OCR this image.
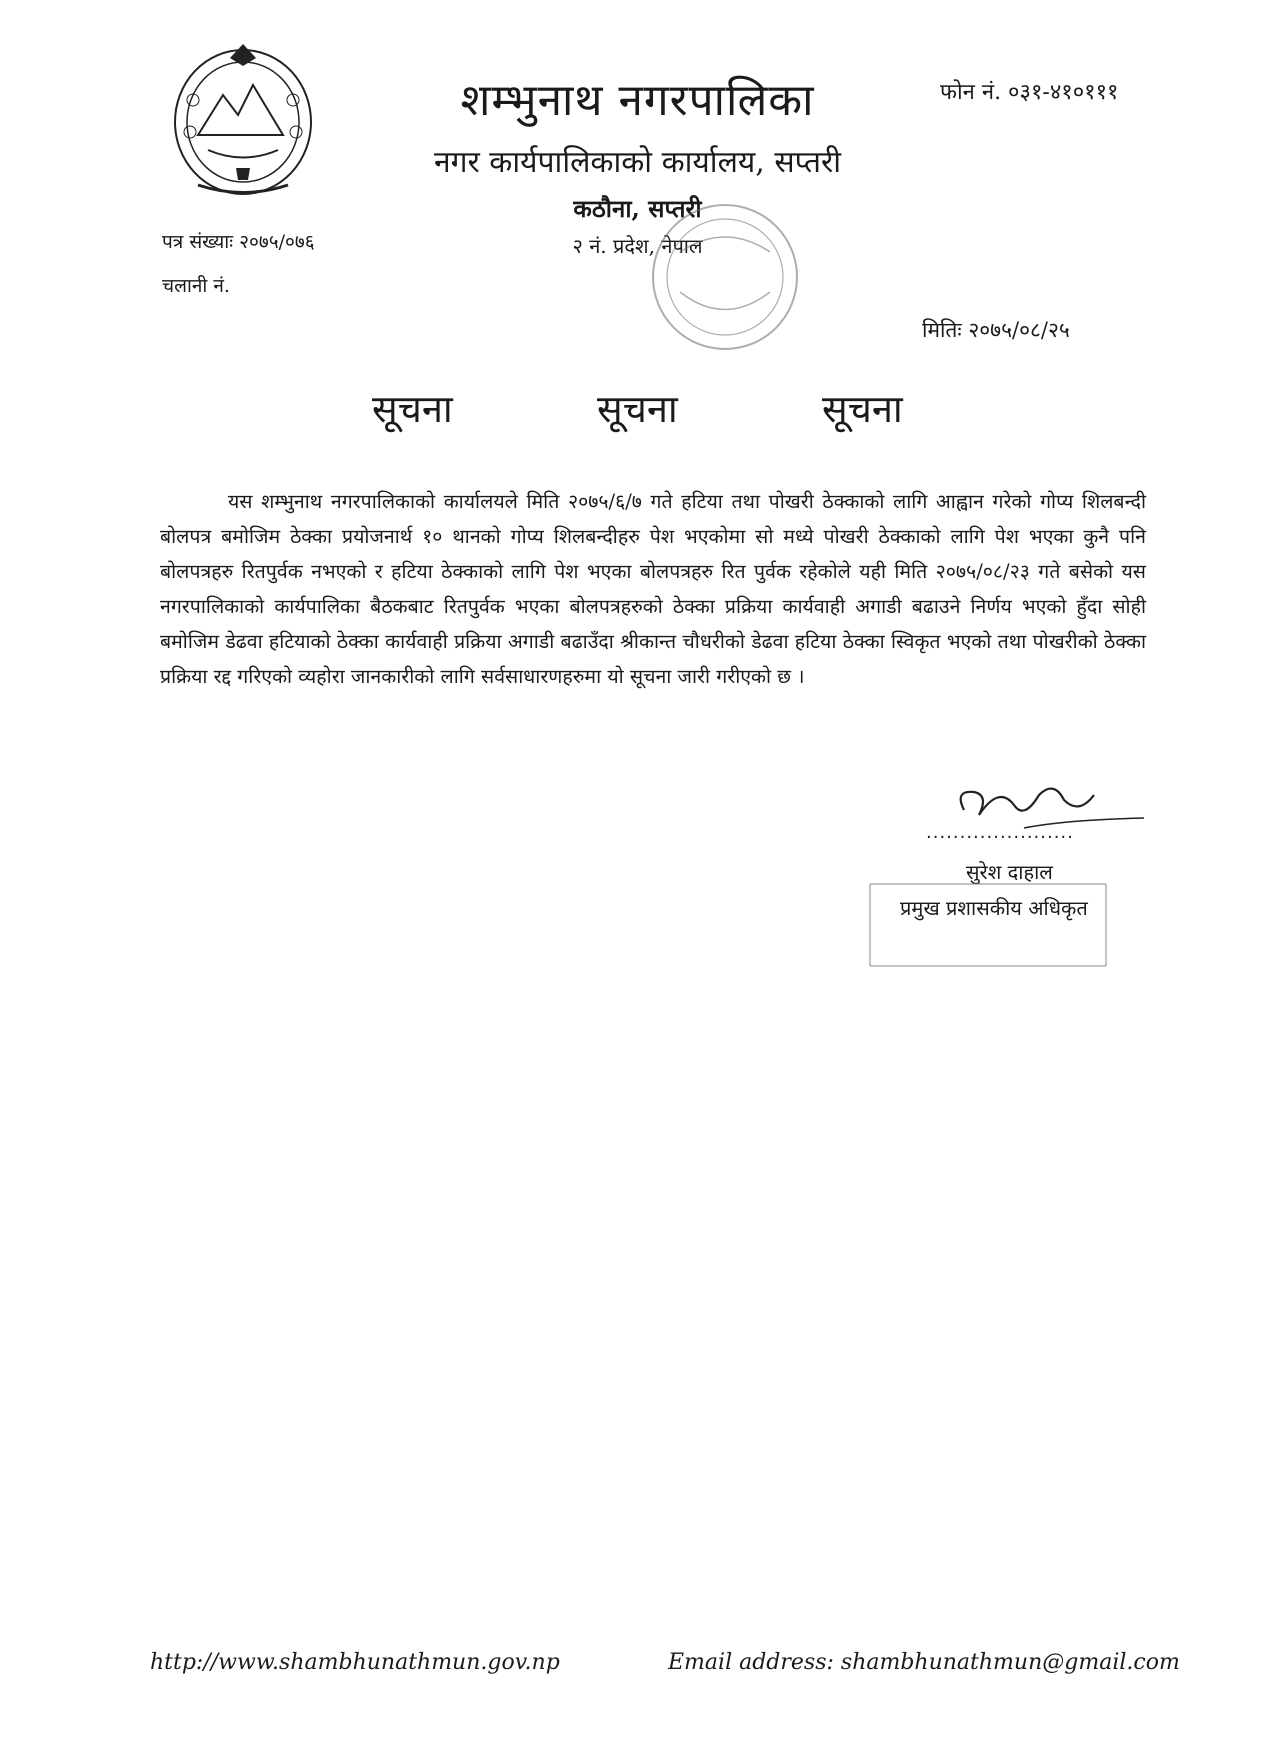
शम्भुनाथ नगरपालिका	फोन नं. ०३१-४१०१११
नगर कार्यपालिकाको कार्यालय, सप्तरी
कठौना, सप्तरी
२ नं. प्रदेश, नेपाल
पत्र संख्याः २०७५/०७६
चलानी नं.
मितिः २०७५/०८/२५
सूचना	सूचना	सूचना
यस शम्भुनाथ नगरपालिकाको कार्यालयले मिति २०७५/६/७ गते हटिया तथा पोखरी ठेक्काको लागि आह्वान गरेको गोप्य शिलबन्दी बोलपत्र बमोजिम ठेक्का प्रयोजनार्थ १० थानको गोप्य शिलबन्दीहरु पेश भएकोमा सो मध्ये पोखरी ठेक्काको लागि पेश भएका कुनै पनि बोलपत्रहरु रितपुर्वक नभएको र हटिया ठेक्काको लागि पेश भएका बोलपत्रहरु रित पुर्वक रहेकोले यही मिति २०७५/०८/२३ गते बसेको यस नगरपालिकाको कार्यपालिका बैठकबाट रितपुर्वक भएका बोलपत्रहरुको ठेक्का प्रक्रिया कार्यवाही अगाडी बढाउने निर्णय भएको हुँदा सोही बमोजिम डेढवा हटियाको ठेक्का कार्यवाही प्रक्रिया अगाडी बढाउँदा श्रीकान्त चौधरीको डेढवा हटिया ठेक्का स्विकृत भएको तथा पोखरीको ठेक्का प्रक्रिया रद्द गरिएको व्यहोरा जानकारीको लागि सर्वसाधारणहरुमा यो सूचना जारी गरीएको छ ।
......................
सुरेश दाहाल
प्रमुख प्रशासकीय अधिकृत
http://www.shambhunathmun.gov.np	Email address: shambhunathmun@gmail.com
